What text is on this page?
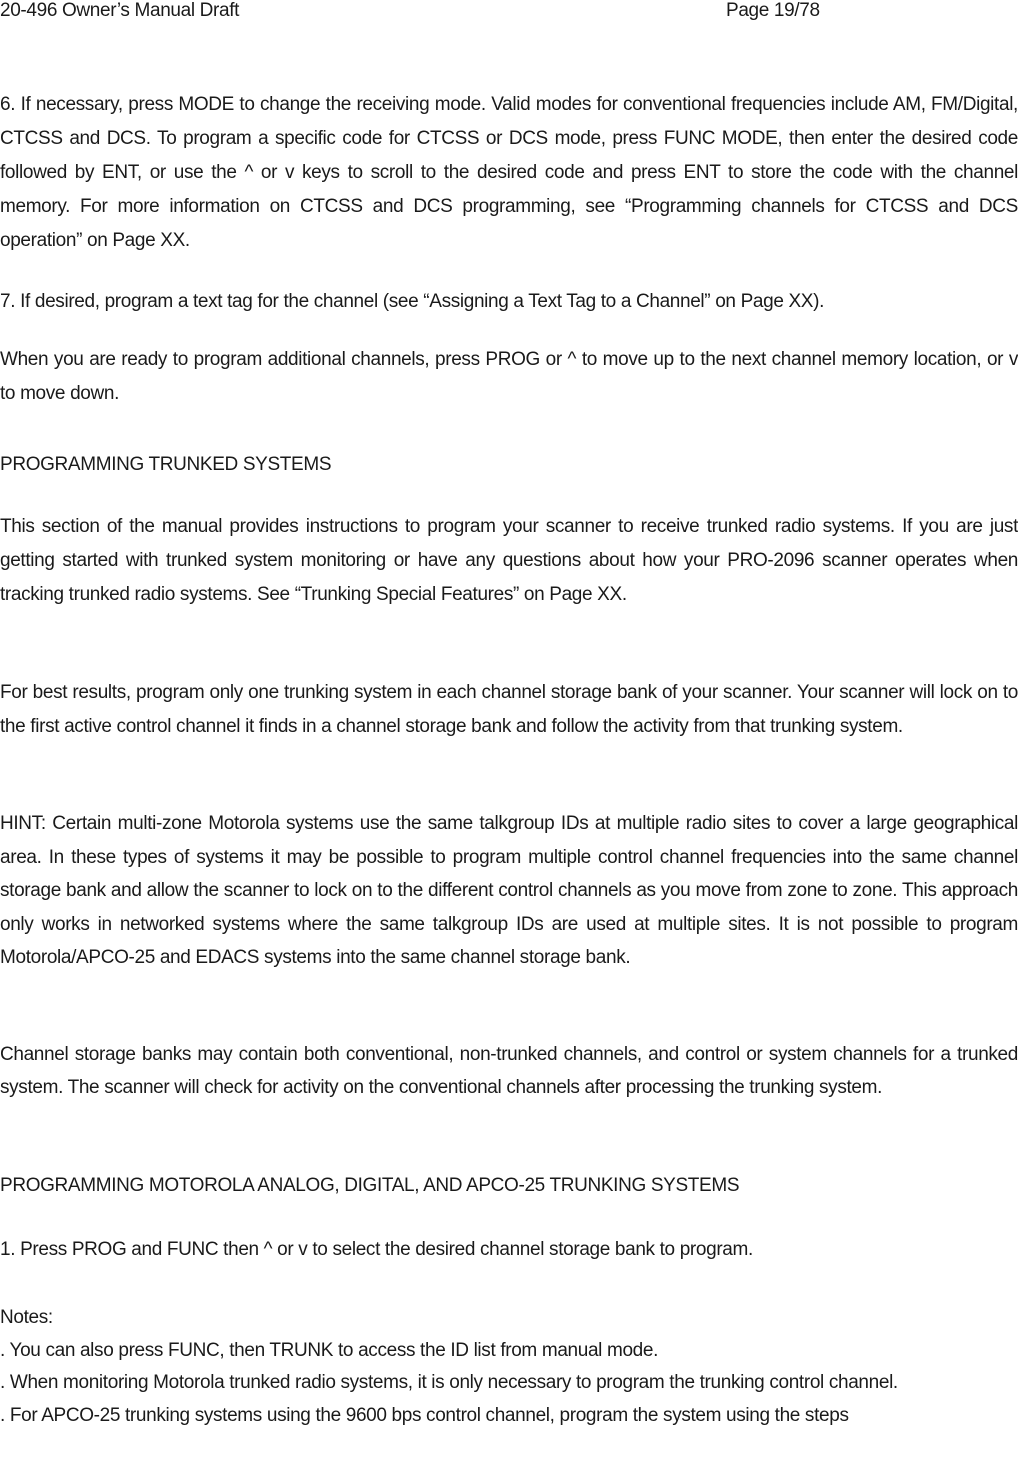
20-496 Owner’s Manual Draft	Page 19/78

6. If necessary, press MODE to change the receiving mode. Valid modes for conventional frequencies include AM, FM/Digital, CTCSS and DCS. To program a specific code for CTCSS or DCS mode, press FUNC MODE, then enter the desired code followed by ENT, or use the ^ or v keys to scroll to the desired code and press ENT to store the code with the channel memory. For more information on CTCSS and DCS programming, see “Programming channels for CTCSS and DCS operation” on Page XX.

7. If desired, program a text tag for the channel (see “Assigning a Text Tag to a Channel” on Page XX).

When you are ready to program additional channels, press PROG or ^ to move up to the next channel memory location, or v to move down.

PROGRAMMING TRUNKED SYSTEMS

This section of the manual provides instructions to program your scanner to receive trunked radio systems. If you are just getting started with trunked system monitoring or have any questions about how your PRO-2096 scanner operates when tracking trunked radio systems. See “Trunking Special Features” on Page XX.

For best results, program only one trunking system in each channel storage bank of your scanner. Your scanner will lock on to the first active control channel it finds in a channel storage bank and follow the activity from that trunking system.

HINT: Certain multi-zone Motorola systems use the same talkgroup IDs at multiple radio sites to cover a large geographical area. In these types of systems it may be possible to program multiple control channel frequencies into the same channel storage bank and allow the scanner to lock on to the different control channels as you move from zone to zone. This approach only works in networked systems where the same talkgroup IDs are used at multiple sites. It is not possible to program Motorola/APCO-25 and EDACS systems into the same channel storage bank.

Channel storage banks may contain both conventional, non-trunked channels, and control or system channels for a trunked system. The scanner will check for activity on the conventional channels after processing the trunking system.

PROGRAMMING MOTOROLA ANALOG, DIGITAL, AND APCO-25 TRUNKING SYSTEMS

1. Press PROG and FUNC then ^ or v to select the desired channel storage bank to program.

Notes:

. You can also press FUNC, then TRUNK to access the ID list from manual mode.

. When monitoring Motorola trunked radio systems, it is only necessary to program the trunking control channel.

. For APCO-25 trunking systems using the 9600 bps control channel, program the system using the steps
